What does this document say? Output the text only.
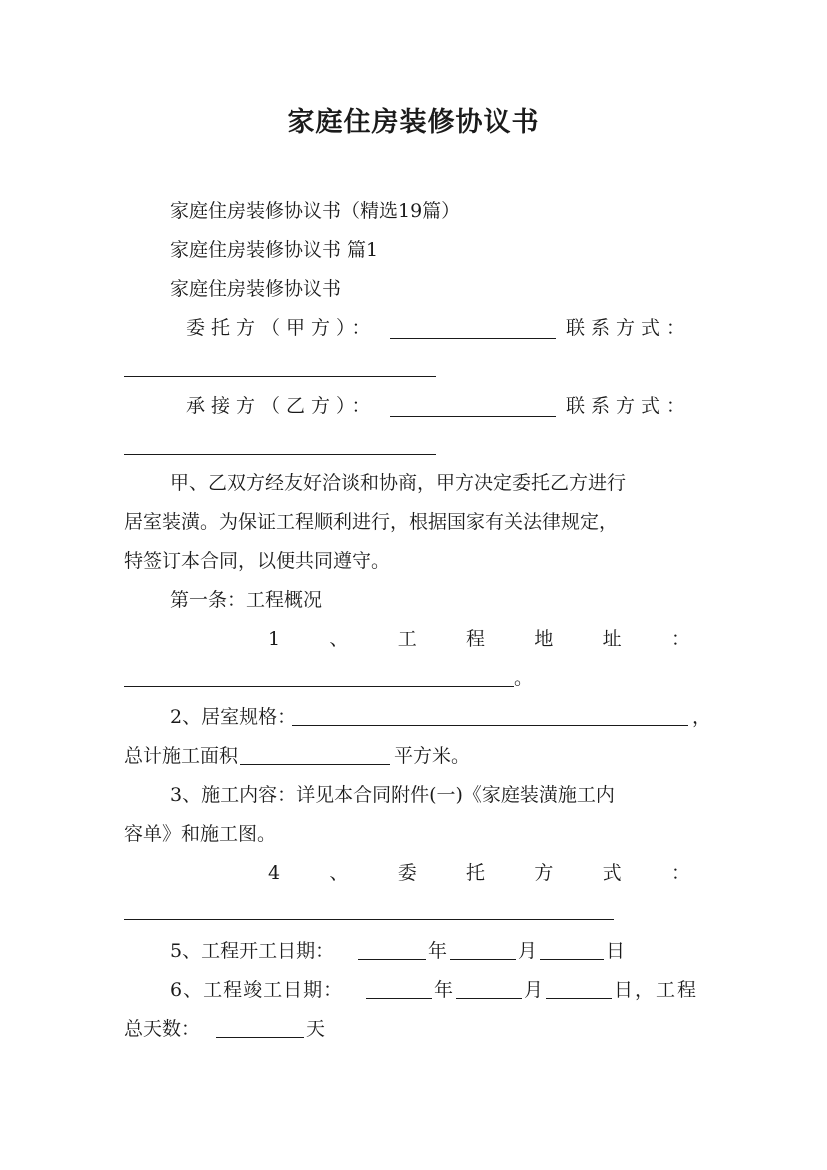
家庭住房装修协议书
家庭住房装修协议书（精选19篇）
家庭住房装修协议书 篇1
家庭住房装修协议书
委托方（甲方）：	联系方式：
承接方（乙方）：	联系方式：
甲、乙双方经友好洽谈和协商，甲方决定委托乙方进行
居室装潢。为保证工程顺利进行，根据国家有关法律规定，
特签订本合同，以便共同遵守。
第一条：工程概况
1	、	工	程	地	址	：
。
2、居室规格：	，
总计施工面积	平方米。
3、施工内容：详见本合同附件(一)《家庭装潢施工内
容单》和施工图。
4	、	委	托	方	式	：
5、工程开工日期：	年	月	日
6、工程竣工日期：	年	月	日，工程
总天数：	天
